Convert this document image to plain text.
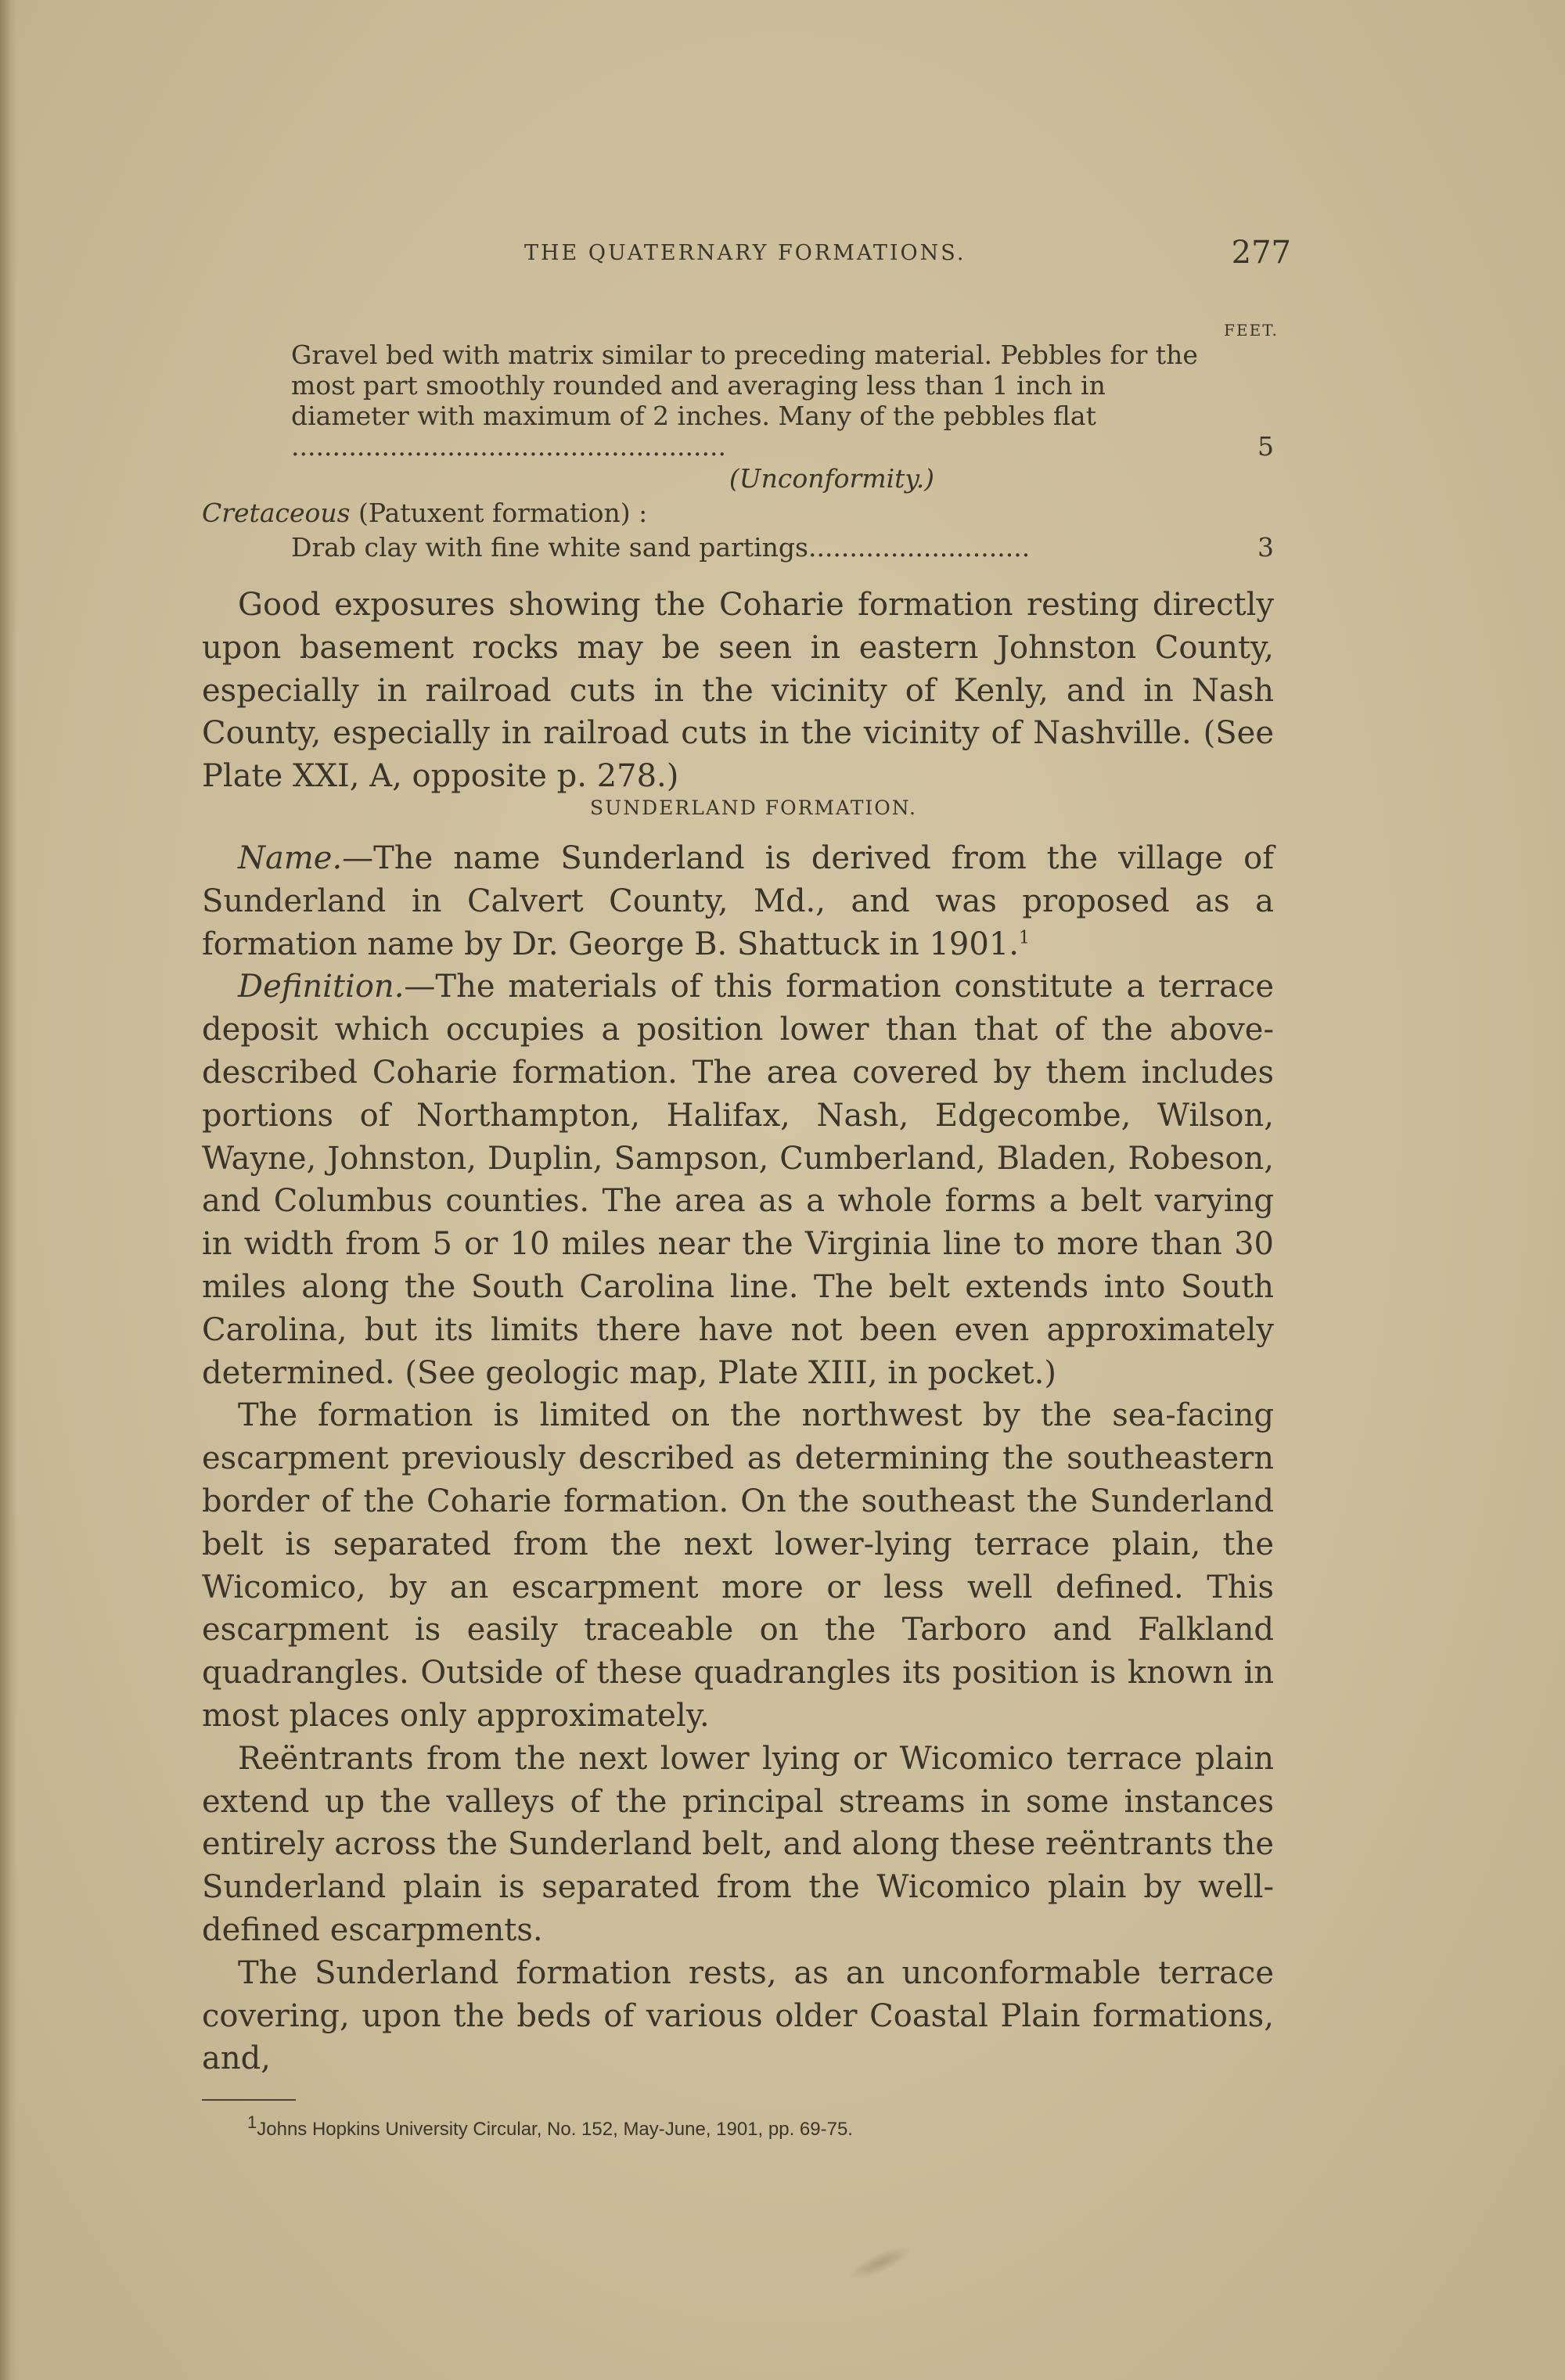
THE QUATERNARY FORMATIONS.	277
FEET.
Gravel bed with matrix similar to preceding material. Pebbles for the most part smoothly rounded and averaging less than 1 inch in diameter with maximum of 2 inches. Many of the pebbles flat .....................................................	5
(Unconformity.)
Cretaceous (Patuxent formation) :
Drab clay with fine white sand partings...........................	3

Good exposures showing the Coharie formation resting directly upon basement rocks may be seen in eastern Johnston County, especially in railroad cuts in the vicinity of Kenly, and in Nash County, especially in railroad cuts in the vicinity of Nashville. (See Plate XXI, A, opposite p. 278.)

SUNDERLAND FORMATION.

Name.—The name Sunderland is derived from the village of Sunderland in Calvert County, Md., and was proposed as a formation name by Dr. George B. Shattuck in 1901.$^1$

Definition.—The materials of this formation constitute a terrace deposit which occupies a position lower than that of the above-described Coharie formation. The area covered by them includes portions of Northampton, Halifax, Nash, Edgecombe, Wilson, Wayne, Johnston, Duplin, Sampson, Cumberland, Bladen, Robeson, and Columbus counties. The area as a whole forms a belt varying in width from 5 or 10 miles near the Virginia line to more than 30 miles along the South Carolina line. The belt extends into South Carolina, but its limits there have not been even approximately determined. (See geologic map, Plate XIII, in pocket.)

The formation is limited on the northwest by the sea-facing escarpment previously described as determining the southeastern border of the Coharie formation. On the southeast the Sunderland belt is separated from the next lower-lying terrace plain, the Wicomico, by an escarpment more or less well defined. This escarpment is easily traceable on the Tarboro and Falkland quadrangles. Outside of these quadrangles its position is known in most places only approximately.

Reëntrants from the next lower lying or Wicomico terrace plain extend up the valleys of the principal streams in some instances entirely across the Sunderland belt, and along these reëntrants the Sunderland plain is separated from the Wicomico plain by well-defined escarpments.

The Sunderland formation rests, as an unconformable terrace covering, upon the beds of various older Coastal Plain formations, and,

$^1$Johns Hopkins University Circular, No. 152, May-June, 1901, pp. 69-75.
